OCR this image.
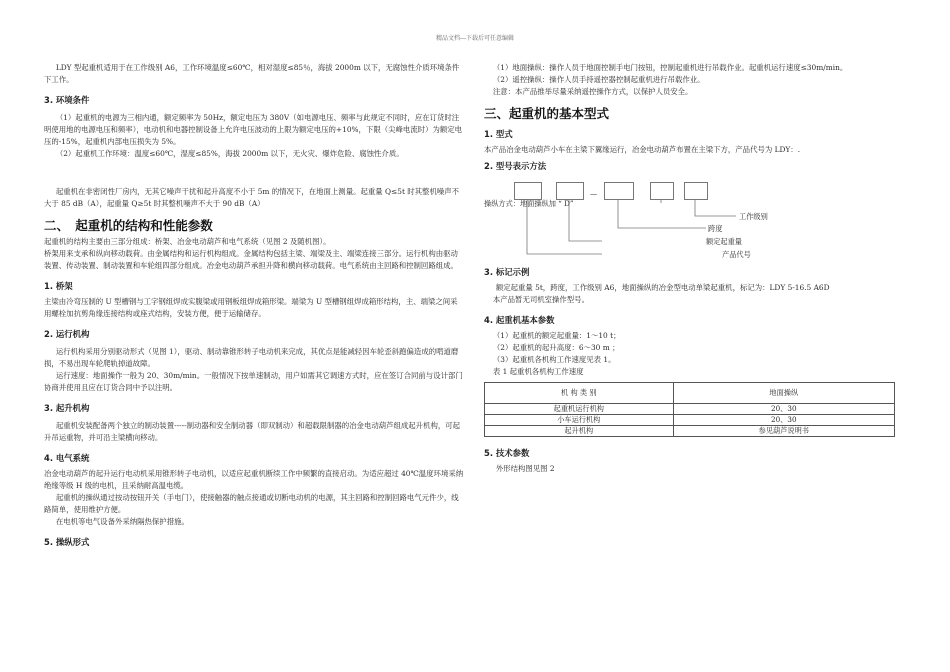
精品文档---下载后可任意编辑

LDY 型起重机适用于在工作级别 A6，工作环境温度≤60℃，相对湿度≤85％，海拔 2000m 以下，无腐蚀性介质环境条件下工作。

3. 环境条件

（1）起重机的电源为三相内通，额定频率为 50Hz，额定电压为 380V（如电源电压、频率与此规定不同时，应在订货时注明使用地的电源电压和频率），电动机和电器控制设备上允许电压波动的上限为额定电压的+10%，下限（尖峰电流时）为额定电压的-15%，起重机内部电压损失为 5%。

（2）起重机工作环境：温度≤60℃，湿度≤85%，海拔 2000m 以下，无火灾、爆炸危险、腐蚀性介质。

起重机在非密闭性厂房内，无其它噪声干扰和起升高度不小于 5m 的情况下，在地面上测量。起重量 Q≤5t 时其整机噪声不大于 85 dB（A），起重量 Q≥5t 时其整机噪声不大于 90 dB（A）

二、　起重机的结构和性能参数

起重机的结构主要由三部分组成：桥架、冶金电动葫芦和电气系统（见图 2 及随机图）。

桥架用来支承和纵向移动载荷。由金属结构和运行机构组成。金属结构包括主梁、端梁及主、端梁连接三部分。运行机构由驱动装置、传动装置、制动装置和车轮组四部分组成。冶金电动葫芦承担升降和横向移动载荷。电气系统由主回路和控制回路组成。

1. 桥架

主梁由冷弯压制的 U 型槽钢与工字钢组焊成实腹梁或用钢板组焊成箱形梁。端梁为 U 型槽钢组焊成箱形结构，主、端梁之间采用螺栓加抗剪角缘连接结构或座式结构，安装方便，便于运输储存。

2. 运行机构

运行机构采用分别驱动形式（见图 1），驱动、制动靠锥形转子电动机来完成，其优点是能减轻因车轮歪斜跑偏造成的啃道磨损，不易出现车轮爬轨掉道故障。

运行速度：地面操作一般为 20、30m/min。一般情况下按单速制动，用户如需其它调速方式时，应在签订合同前与设计部门协商并使用且应在订货合同中予以注明。

3. 起升机构

起重机安装配备两个独立的制动装置-----制动器和安全制动器（即双制动）和超载限制器的冶金电动葫芦组成起升机构，可起升吊运重物，并可沿主梁横向移动。

4. 电气系统

冶金电动葫芦的起升运行电动机采用锥形转子电动机，以适应起重机断续工作中频繁的直接启动。为适应超过 40℃温度环境采纳绝缘等级 H 级的电机，且采纳耐高温电缆。

起重机的操纵通过按动按钮开关（手电门），使接触器的触点接通或切断电动机的电源，其主回路和控制回路电气元件少，线路简单，使用维护方便。

在电机等电气设备外采纳隔热保护措施。

5. 操纵形式

（1）地面操纵：操作人员于地面控制手电门按钮，控制起重机进行吊载作业。起重机运行速度≤30m/min。

（2）遥控操纵：操作人员手持遥控器控制起重机进行吊载作业。

注意：本产品推举尽量采纳遥控操作方式，以保护人员安全。

三、起重机的基本型式

1. 型式

本产品冶金电动葫芦小车在主梁下翼缘运行，冶金电动葫芦布置在主梁下方，产品代号为 LDY：.

2. 型号表示方法

—
操纵方式：地面操纵加 “ D”
工作级别
跨度
额定起重量
产品代号

3. 标记示例

额定起重量 5t，跨度，工作级别 A6，地面操纵的冶金型电动单梁起重机，标记为：LDY 5-16.5 A6D

本产品暂无司机室操作型号。

4. 起重机基本参数

（1）起重机的额定起重量：1～10 t；

（2）起重机的起升高度：6～30 m ；

（3）起重机各机构工作速度见表 1。

表 1 起重机各机构工作速度

机 构 类 别	地面操纵
起重机运行机构	20、30
小车运行机构	20、30
起升机构	参见葫芦说明书

5. 技术参数

外形结构图见图 2
